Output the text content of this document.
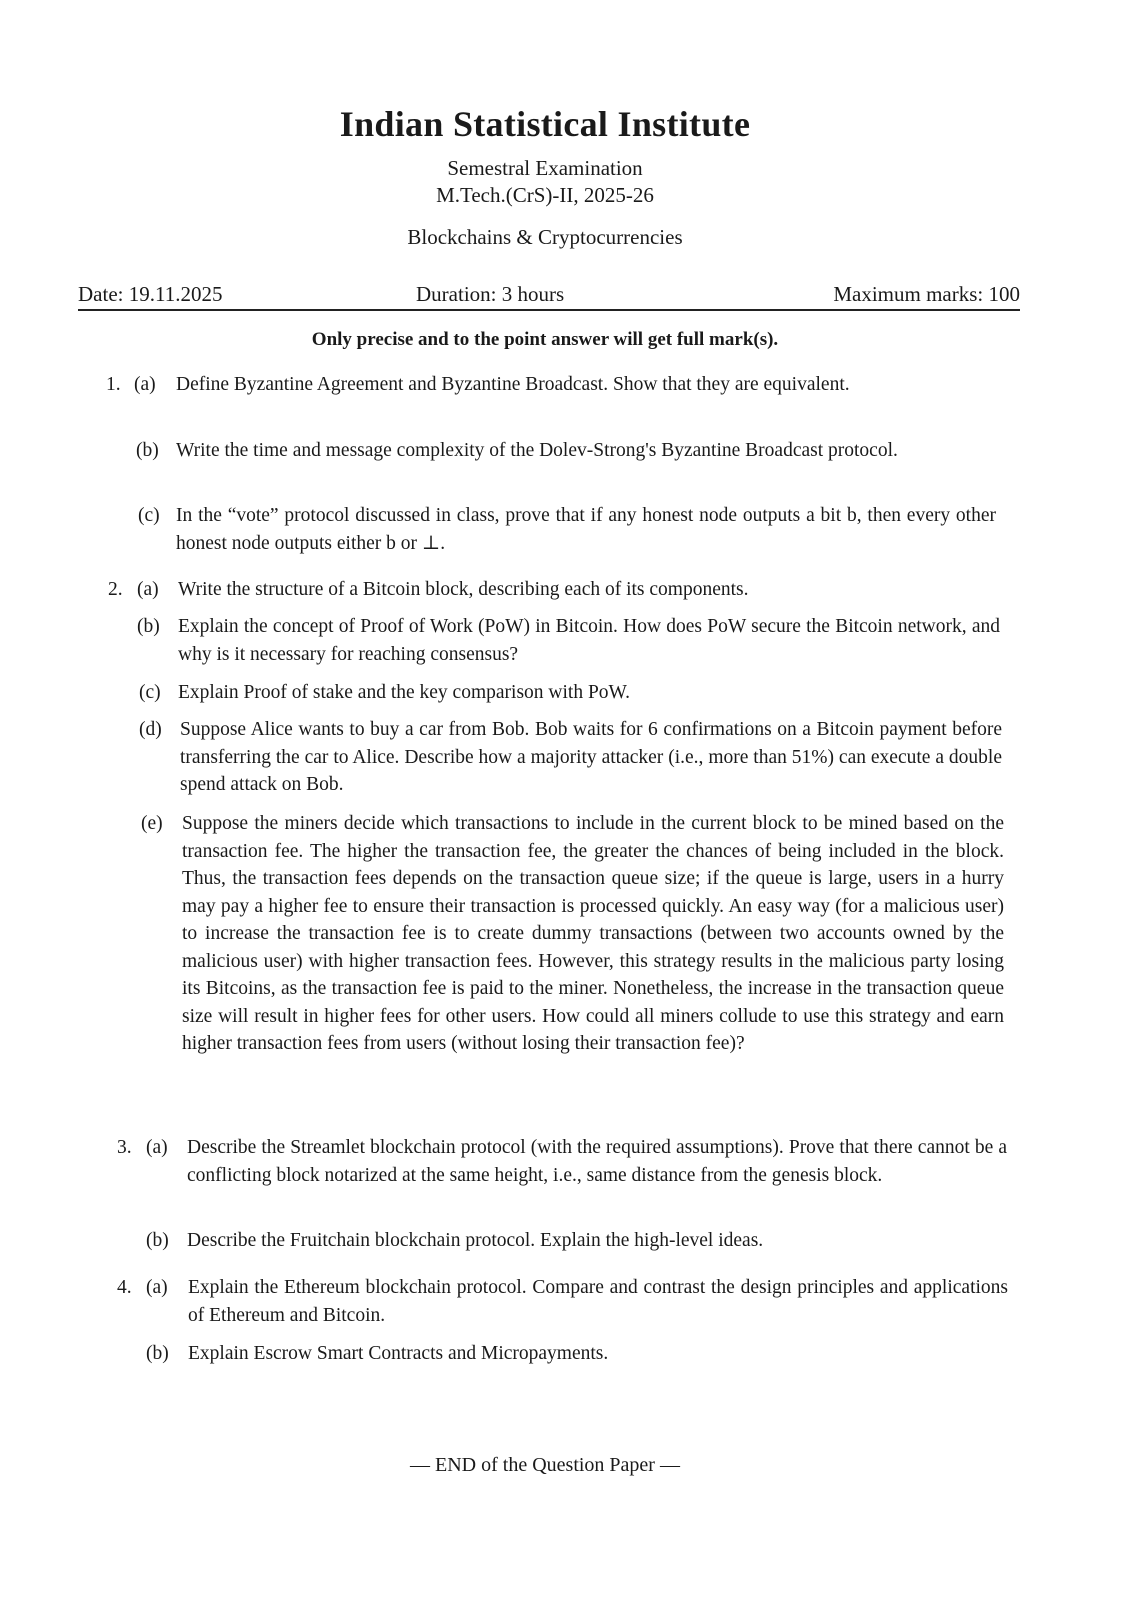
Indian Statistical Institute
Semestral Examination
M.Tech.(CrS)-II, 2025-26
Blockchains & Cryptocurrencies
Date: 19.11.2025	Duration: 3 hours	Maximum marks: 100
Only precise and to the point answer will get full mark(s).
1. (a) Define Byzantine Agreement and Byzantine Broadcast. Show that they are equivalent.
(b) Write the time and message complexity of the Dolev-Strong's Byzantine Broadcast protocol.
(c) In the “vote” protocol discussed in class, prove that if any honest node outputs a bit b, then every other honest node outputs either b or ⊥.
2. (a) Write the structure of a Bitcoin block, describing each of its components.
(b) Explain the concept of Proof of Work (PoW) in Bitcoin. How does PoW secure the Bitcoin network, and why is it necessary for reaching consensus?
(c) Explain Proof of stake and the key comparison with PoW.
(d) Suppose Alice wants to buy a car from Bob. Bob waits for 6 confirmations on a Bitcoin payment before transferring the car to Alice. Describe how a majority attacker (i.e., more than 51%) can execute a double spend attack on Bob.
(e) Suppose the miners decide which transactions to include in the current block to be mined based on the transaction fee. The higher the transaction fee, the greater the chances of being included in the block. Thus, the transaction fees depends on the transaction queue size; if the queue is large, users in a hurry may pay a higher fee to ensure their transaction is processed quickly. An easy way (for a malicious user) to increase the transaction fee is to create dummy transactions (between two accounts owned by the malicious user) with higher transaction fees. However, this strategy results in the malicious party losing its Bitcoins, as the transaction fee is paid to the miner. Nonetheless, the increase in the transaction queue size will result in higher fees for other users. How could all miners collude to use this strategy and earn higher transaction fees from users (without losing their transaction fee)?
3. (a) Describe the Streamlet blockchain protocol (with the required assumptions). Prove that there cannot be a conflicting block notarized at the same height, i.e., same distance from the genesis block.
(b) Describe the Fruitchain blockchain protocol. Explain the high-level ideas.
4. (a) Explain the Ethereum blockchain protocol. Compare and contrast the design principles and applications of Ethereum and Bitcoin.
(b) Explain Escrow Smart Contracts and Micropayments.
— END of the Question Paper —
